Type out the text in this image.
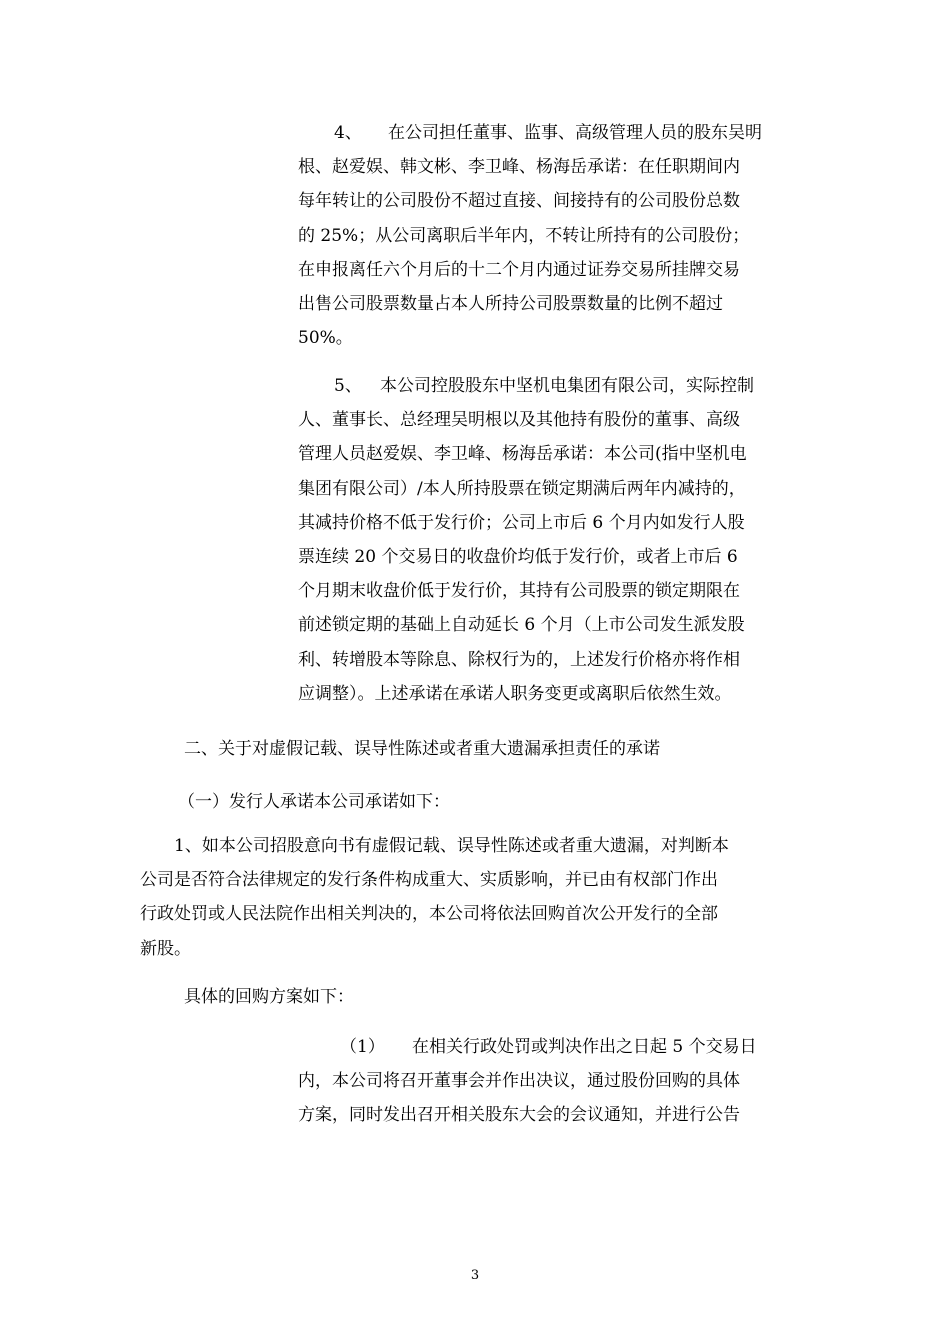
4、 在公司担任董事、监事、高级管理人员的股东吴明
根、赵爱娱、韩文彬、李卫峰、杨海岳承诺：在任职期间内
每年转让的公司股份不超过直接、间接持有的公司股份总数
的 25%；从公司离职后半年内，不转让所持有的公司股份；
在申报离任六个月后的十二个月内通过证券交易所挂牌交易
出售公司股票数量占本人所持公司股票数量的比例不超过
50%。
5、 本公司控股股东中坚机电集团有限公司，实际控制
人、董事长、总经理吴明根以及其他持有股份的董事、高级
管理人员赵爱娱、李卫峰、杨海岳承诺：本公司(指中坚机电
集团有限公司）/本人所持股票在锁定期满后两年内减持的，
其减持价格不低于发行价；公司上市后 6 个月内如发行人股
票连续 20 个交易日的收盘价均低于发行价，或者上市后 6
个月期末收盘价低于发行价，其持有公司股票的锁定期限在
前述锁定期的基础上自动延长 6 个月（上市公司发生派发股
利、转增股本等除息、除权行为的，上述发行价格亦将作相
应调整）。上述承诺在承诺人职务变更或离职后依然生效。
二、关于对虚假记载、误导性陈述或者重大遗漏承担责任的承诺
（一）发行人承诺本公司承诺如下：
1、如本公司招股意向书有虚假记载、误导性陈述或者重大遗漏，对判断本
公司是否符合法律规定的发行条件构成重大、实质影响，并已由有权部门作出
行政处罚或人民法院作出相关判决的，本公司将依法回购首次公开发行的全部
新股。
具体的回购方案如下：
（1） 在相关行政处罚或判决作出之日起 5 个交易日
内，本公司将召开董事会并作出决议，通过股份回购的具体
方案，同时发出召开相关股东大会的会议通知，并进行公告
3
